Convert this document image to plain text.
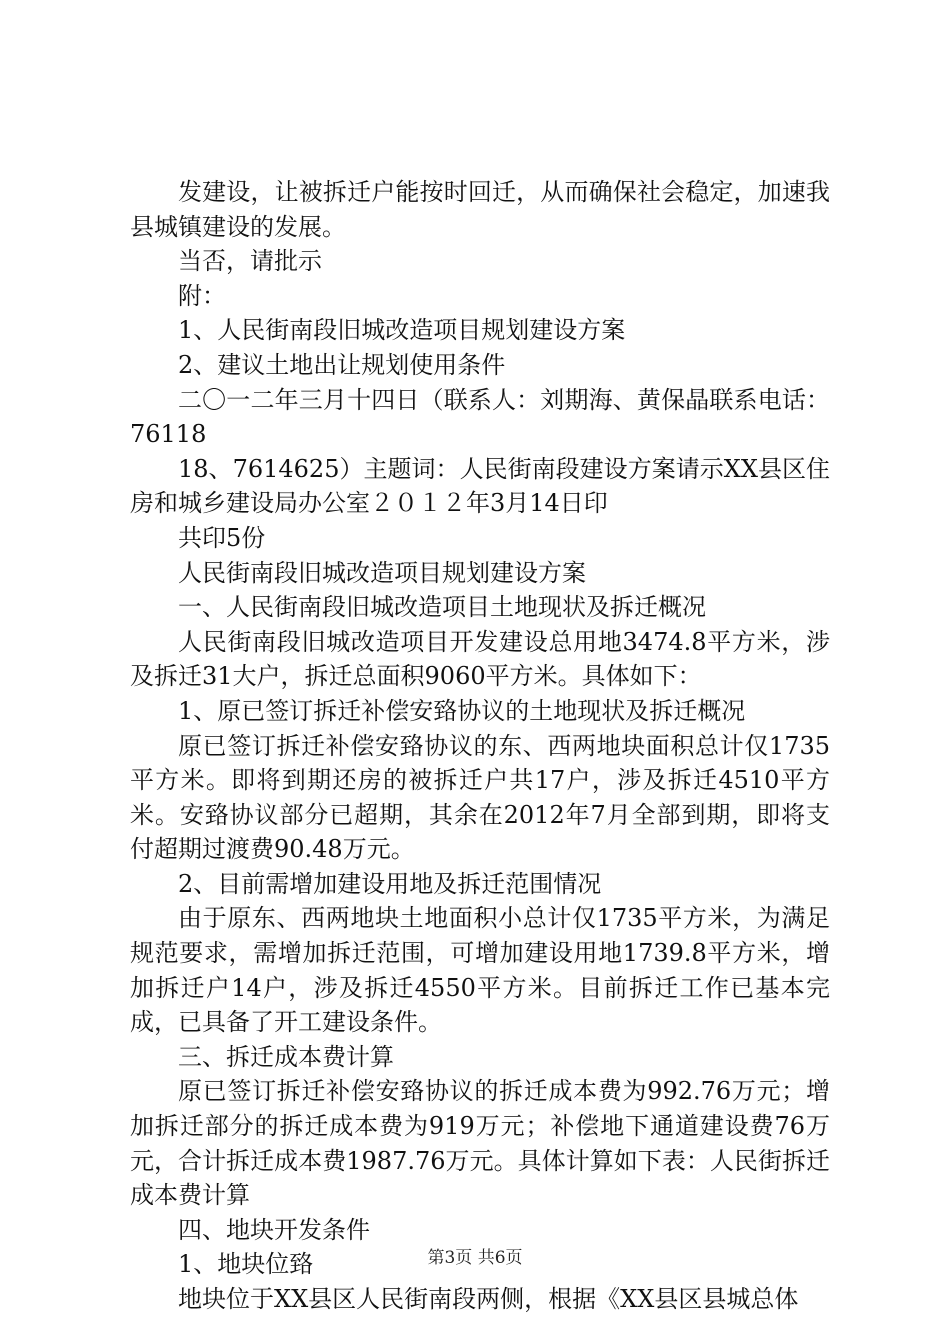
发建设，让被拆迁户能按时回迁，从而确保社会稳定，加速我县城镇建设的发展。

当否，请批示

附：

1、人民街南段旧城改造项目规划建设方案

2、建议土地出让规划使用条件

二〇一二年三月十四日（联系人：刘期海、黄保晶联系电话：76118

18、7614625）主题词：人民街南段建设方案请示XX县区住房和城乡建设局办公室２０１２年3月14日印

共印5份

人民街南段旧城改造项目规划建设方案

一、人民街南段旧城改造项目土地现状及拆迁概况

人民街南段旧城改造项目开发建设总用地3474.8平方米，涉及拆迁31大户，拆迁总面积9060平方米。具体如下：

1、原已签订拆迁补偿安臵协议的土地现状及拆迁概况

原已签订拆迁补偿安臵协议的东、西两地块面积总计仅1735平方米。即将到期还房的被拆迁户共17户，涉及拆迁4510平方米。安臵协议部分已超期，其余在2012年7月全部到期，即将支付超期过渡费90.48万元。

2、目前需增加建设用地及拆迁范围情况

由于原东、西两地块土地面积小总计仅1735平方米，为满足规范要求，需增加拆迁范围，可增加建设用地1739.8平方米，增加拆迁户14户，涉及拆迁4550平方米。目前拆迁工作已基本完成，已具备了开工建设条件。

三、拆迁成本费计算

原已签订拆迁补偿安臵协议的拆迁成本费为992.76万元；增加拆迁部分的拆迁成本费为919万元；补偿地下通道建设费76万元，合计拆迁成本费1987.76万元。具体计算如下表：人民街拆迁成本费计算

四、地块开发条件

1、地块位臵

地块位于XX县区人民街南段两侧，根据《XX县区县城总体

第3页 共6页
